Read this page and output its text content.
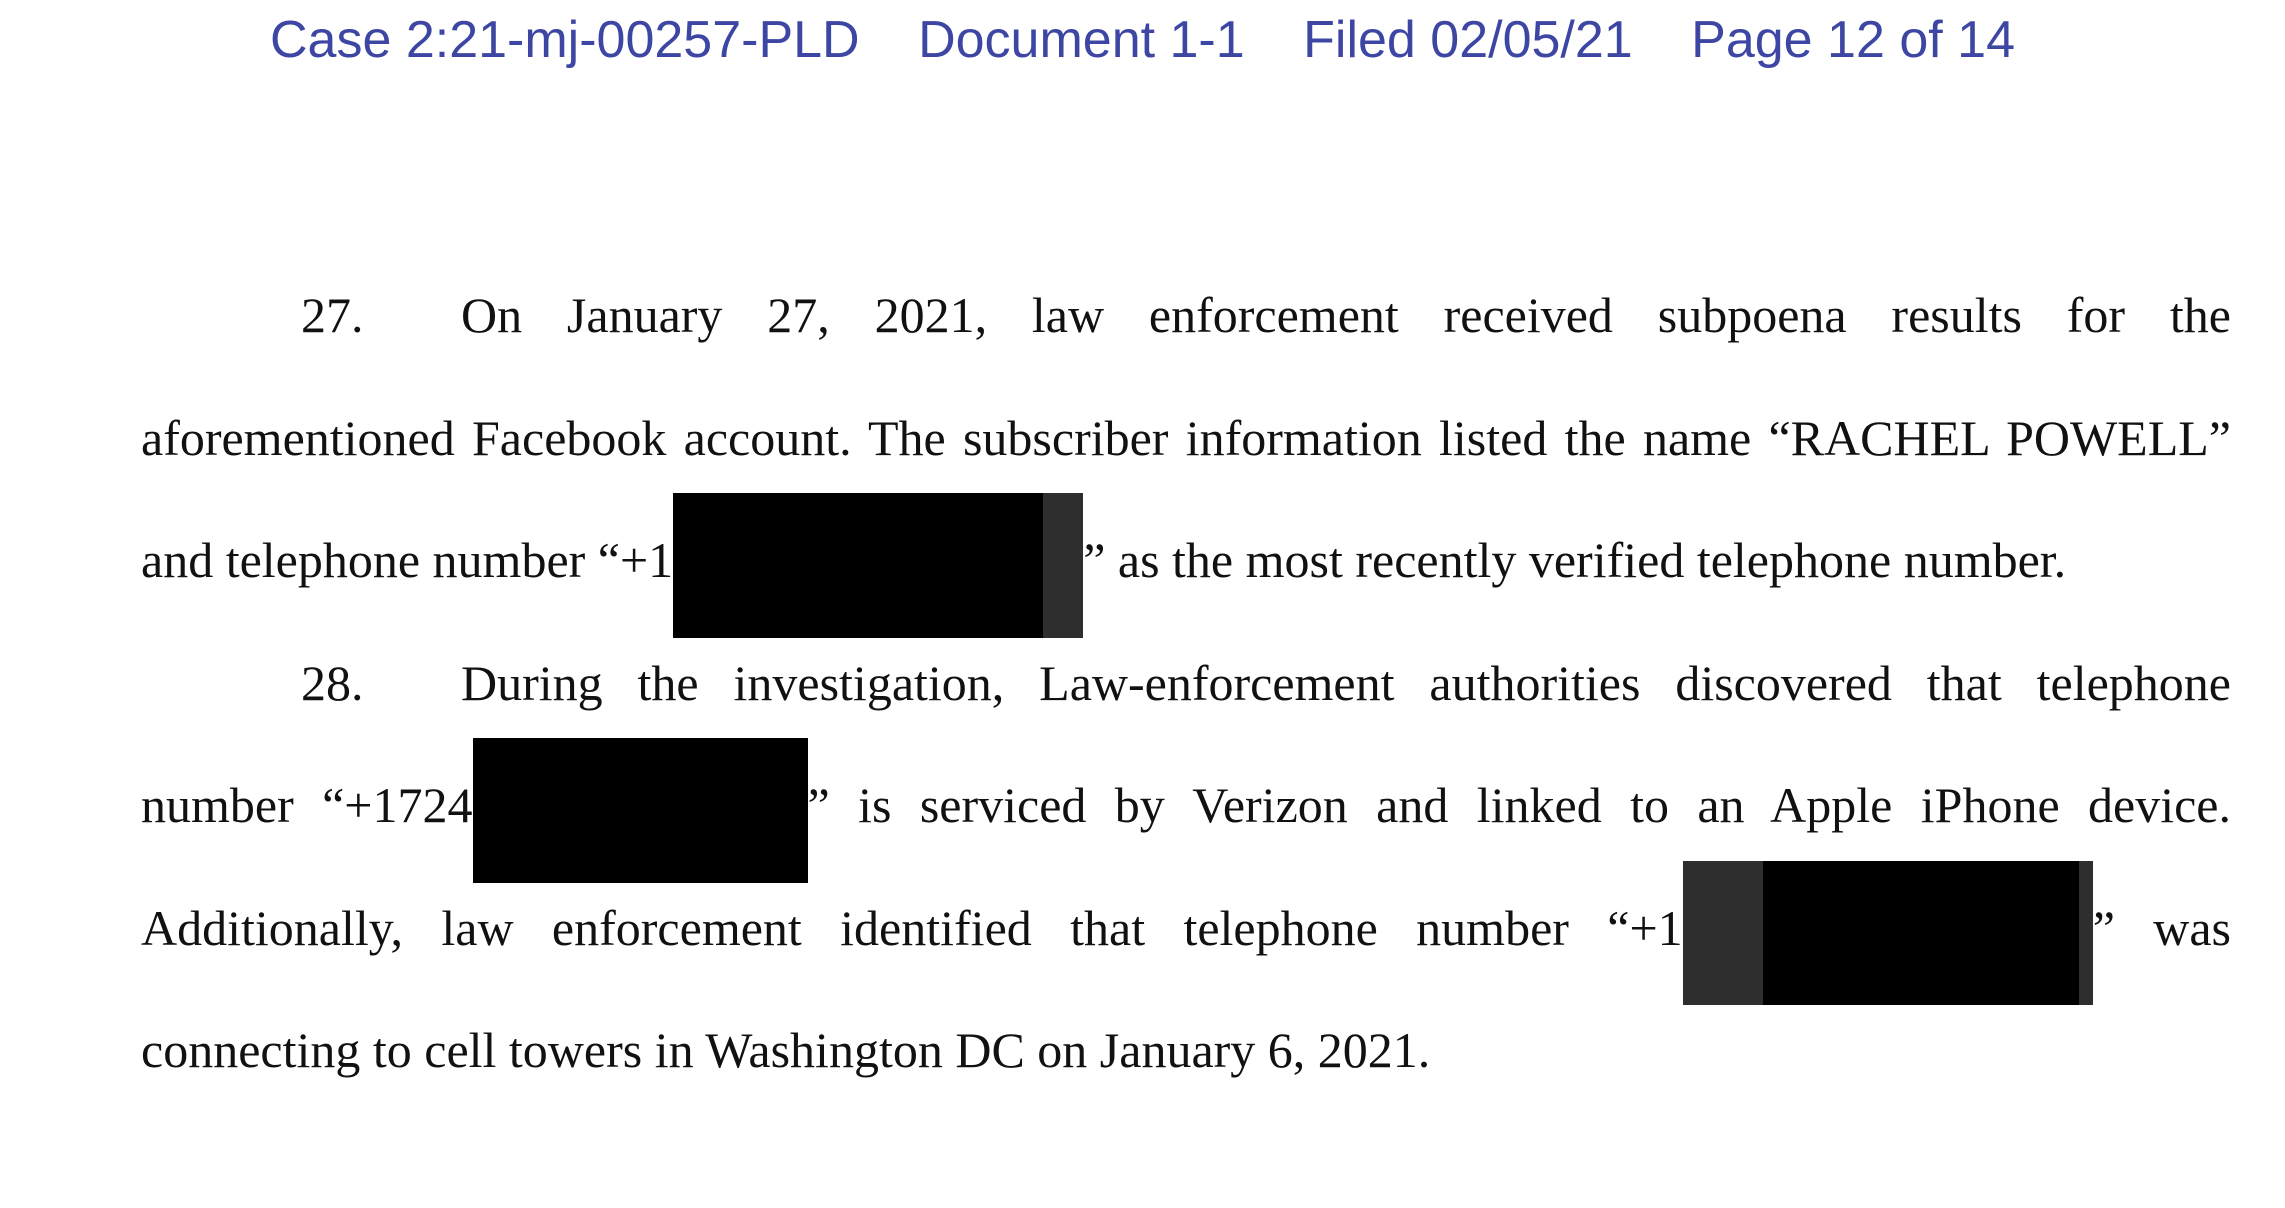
Case 2:21-mj-00257-PLD Document 1-1 Filed 02/05/21 Page 12 of 14

27. On January 27, 2021, law enforcement received subpoena results for the aforementioned Facebook account. The subscriber information listed the name “RACHEL POWELL” and telephone number “+1	” as the most recently verified telephone number.

28. During the investigation, Law-enforcement authorities discovered that telephone number “+1724	” is serviced by Verizon and linked to an Apple iPhone device. Additionally, law enforcement identified that telephone number “+1	” was connecting to cell towers in Washington DC on January 6, 2021.
